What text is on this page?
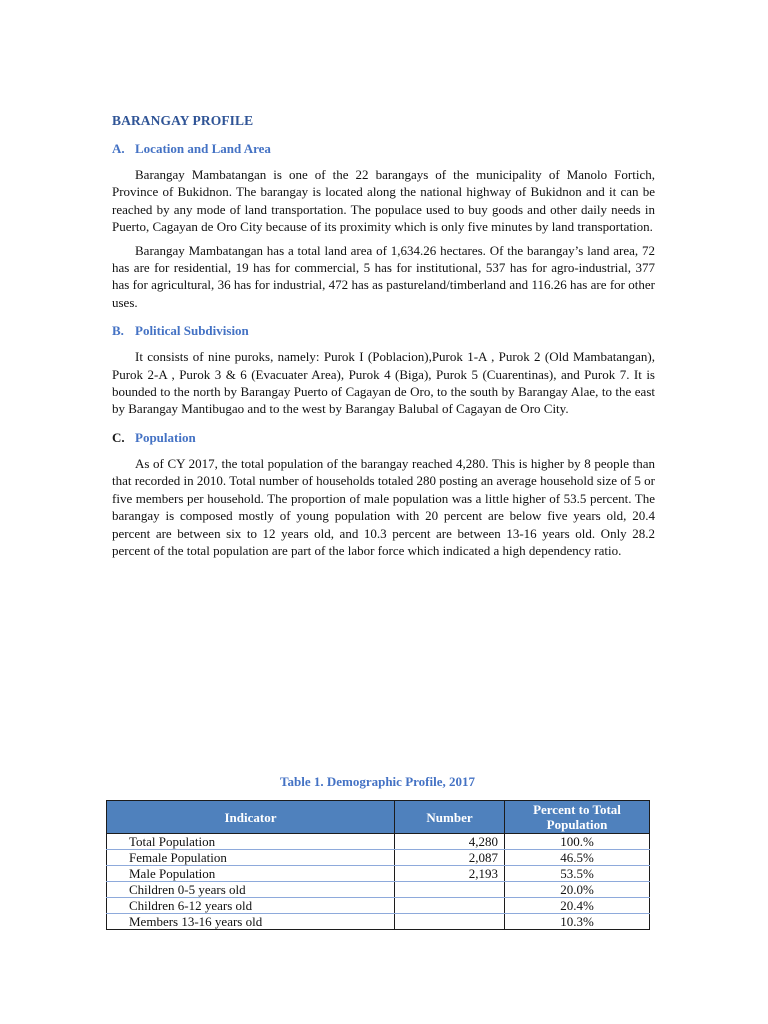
BARANGAY PROFILE
A. Location and Land Area

Barangay Mambatangan is one of the 22 barangays of the municipality of Manolo Fortich, Province of Bukidnon. The barangay is located along the national highway of Bukidnon and it can be reached by any mode of land transportation. The populace used to buy goods and other daily needs in Puerto, Cagayan de Oro City because of its proximity which is only five minutes by land transportation.

Barangay Mambatangan has a total land area of 1,634.26 hectares. Of the barangay’s land area, 72 has are for residential, 19 has for commercial, 5 has for institutional, 537 has for agro-industrial, 377 has for agricultural, 36 has for industrial, 472 has as pastureland/timberland and 116.26 has are for other uses.

B. Political Subdivision

It consists of nine puroks, namely: Purok I (Poblacion),Purok 1-A , Purok 2 (Old Mambatangan), Purok 2-A , Purok 3 & 6 (Evacuater Area), Purok 4 (Biga), Purok 5 (Cuarentinas), and Purok 7. It is bounded to the north by Barangay Puerto of Cagayan de Oro, to the south by Barangay Alae, to the east by Barangay Mantibugao and to the west by Barangay Balubal of Cagayan de Oro City.

C. Population

As of CY 2017, the total population of the barangay reached 4,280. This is higher by 8 people than that recorded in 2010. Total number of households totaled 280 posting an average household size of 5 or five members per household. The proportion of male population was a little higher of 53.5 percent. The barangay is composed mostly of young population with 20 percent are below five years old, 20.4 percent are between six to 12 years old, and 10.3 percent are between 13-16 years old. Only 28.2 percent of the total population are part of the labor force which indicated a high dependency ratio.

Table 1. Demographic Profile, 2017
Indicator	Number	Percent to Total Population
Total Population	4,280	100.%
Female Population	2,087	46.5%
Male Population	2,193	53.5%
Children 0-5 years old		20.0%
Children 6-12 years old		20.4%
Members 13-16 years old		10.3%
